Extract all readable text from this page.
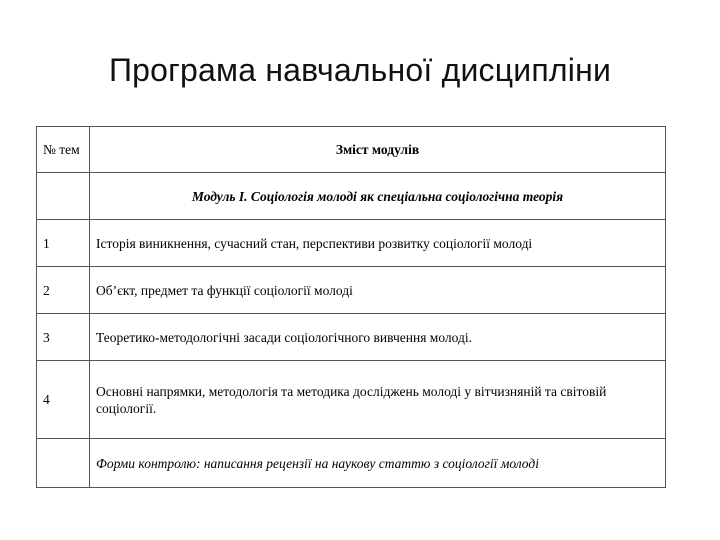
Програма навчальної дисципліни
№ тем	Зміст модулів
	Модуль І. Соціологія молоді як спеціальна соціологічна теорія
1	Історія виникнення, сучасний стан, перспективи розвитку соціології молоді
2	Об’єкт, предмет та функції соціології молоді
3	Теоретико-методологічні засади соціологічного вивчення молоді.
4	Основні напрямки, методологія та методика досліджень молоді у вітчизняній та світовій соціології.
	Форми контролю: написання рецензії на наукову статтю з соціології молоді
